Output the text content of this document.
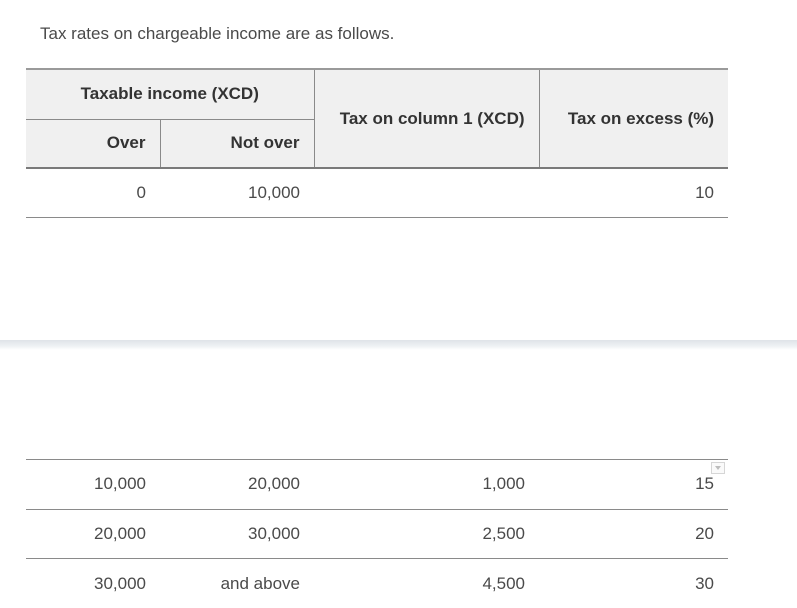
Tax rates on chargeable income are as follows.
Taxable income (XCD)		Tax on column 1 (XCD)	Tax on excess (%)
Over	Not over		
0	10,000		10
10,000	20,000	1,000	15
20,000	30,000	2,500	20
30,000	and above	4,500	30
